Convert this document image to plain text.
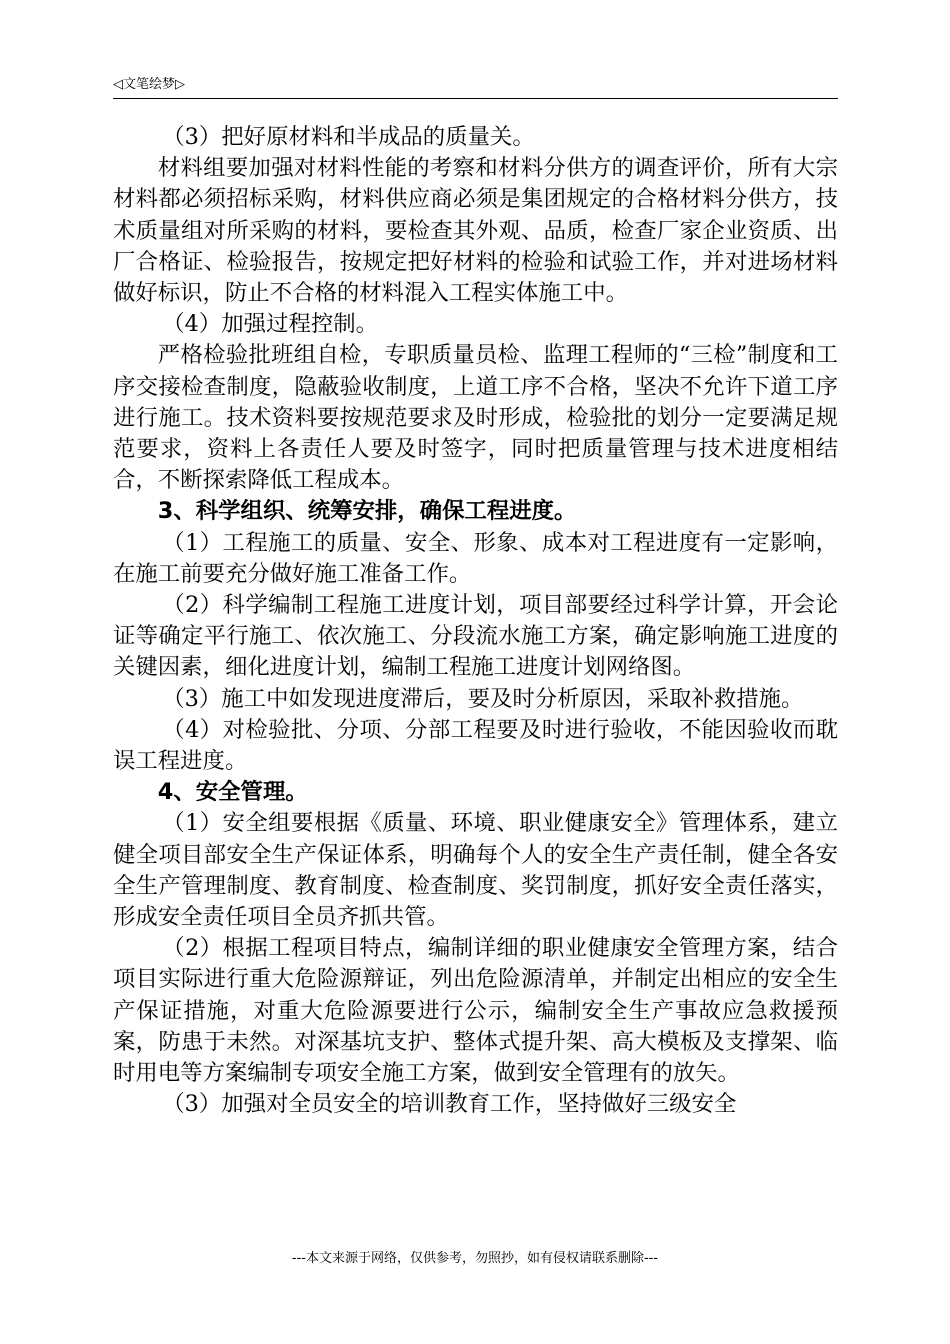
◁文笔绘梦▷

（3）把好原材料和半成品的质量关。

材料组要加强对材料性能的考察和材料分供方的调查评价，所有大宗材料都必须招标采购，材料供应商必须是集团规定的合格材料分供方，技术质量组对所采购的材料，要检查其外观、品质，检查厂家企业资质、出厂合格证、检验报告，按规定把好材料的检验和试验工作，并对进场材料做好标识，防止不合格的材料混入工程实体施工中。

（4）加强过程控制。

严格检验批班组自检，专职质量员检、监理工程师的“三检”制度和工序交接检查制度，隐蔽验收制度，上道工序不合格，坚决不允许下道工序进行施工。技术资料要按规范要求及时形成，检验批的划分一定要满足规范要求，资料上各责任人要及时签字，同时把质量管理与技术进度相结合，不断探索降低工程成本。

3、科学组织、统筹安排，确保工程进度。

（1）工程施工的质量、安全、形象、成本对工程进度有一定影响，在施工前要充分做好施工准备工作。

（2）科学编制工程施工进度计划，项目部要经过科学计算，开会论证等确定平行施工、依次施工、分段流水施工方案，确定影响施工进度的关键因素，细化进度计划，编制工程施工进度计划网络图。

（3）施工中如发现进度滞后，要及时分析原因，采取补救措施。

（4）对检验批、分项、分部工程要及时进行验收，不能因验收而耽误工程进度。

4、安全管理。

（1）安全组要根据《质量、环境、职业健康安全》管理体系，建立健全项目部安全生产保证体系，明确每个人的安全生产责任制，健全各安全生产管理制度、教育制度、检查制度、奖罚制度，抓好安全责任落实，形成安全责任项目全员齐抓共管。

（2）根据工程项目特点，编制详细的职业健康安全管理方案，结合项目实际进行重大危险源辩证，列出危险源清单，并制定出相应的安全生产保证措施，对重大危险源要进行公示，编制安全生产事故应急救援预案，防患于未然。对深基坑支护、整体式提升架、高大模板及支撑架、临时用电等方案编制专项安全施工方案，做到安全管理有的放矢。

（3）加强对全员安全的培训教育工作，坚持做好三级安全

---本文来源于网络，仅供参考，勿照抄，如有侵权请联系删除---
